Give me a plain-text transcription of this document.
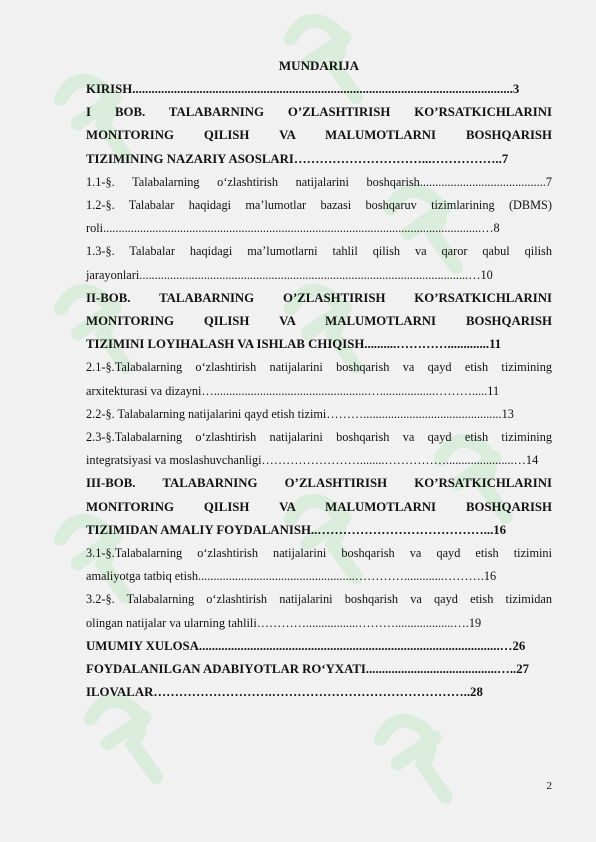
MUNDARIJA

KIRISH.......................................................................................................................3

I BOB. TALABARNING O’ZLASHTIRISH KO’RSATKICHLARINI

MONITORING QILISH VA MALUMOTLARNI BOSHQARISH

TIZIMINING NAZARIY ASOSLARI…………………………...……………..7

1.1-§. Talabalarning o‘zlashtirish natijalarini boshqarish.........................................7

1.2-§. Talabalar haqidagi ma’lumotlar bazasi boshqaruv tizimlarining (DBMS)

roli...........................................................................................................................…8

1.3-§. Talabalar haqidagi ma’lumotlarni tahlil qilish va qaror qabul qilish

jarayonlari...........................................................................................................…10

II-BOB. TALABARNING O’ZLASHTIRISH KO’RSATKICHLARINI

MONITORING QILISH VA MALUMOTLARNI BOSHQARISH

TIZIMINI LOYIHALASH VA ISHLAB CHIQISH..........………….............11

2.1-§.Talabalarning o‘zlashtirish natijalarini boshqarish va qayd etish tizimining

arxitekturasi va dizayni…..................................................…..................……….....11

2.2-§. Talabalarning natijalarini qayd etish tizimi……….............................................13

2.3-§.Talabalarning o‘zlashtirish natijalarini boshqarish va qayd etish tizimining

integratsiyasi va moslashuvchanligi……………………........……………......................…14

III-BOB. TALABARNING O’ZLASHTIRISH KO’RSATKICHLARINI

MONITORING QILISH VA MALUMOTLARNI BOSHQARISH

TIZIMIDAN AMALIY FOYDALANISH..…………………………………...16

3.1-§.Talabalarning o‘zlashtirish natijalarini boshqarish va qayd etish tizimini

amaliyotga tatbiq etish...................................................………….............……….16

3.2-§. Talabalarning o‘zlashtirish natijalarini boshqarish va qayd etish tizimidan

olingan natijalar va ularning tahlili………….................………...................….19

UMUMIY XULOSA..............................................................................................…26

FOYDALANILGAN ADABIYOTLAR RO‘YXATI.........................................…..27

ILOVALAR……………………….………………………………………..28

2
